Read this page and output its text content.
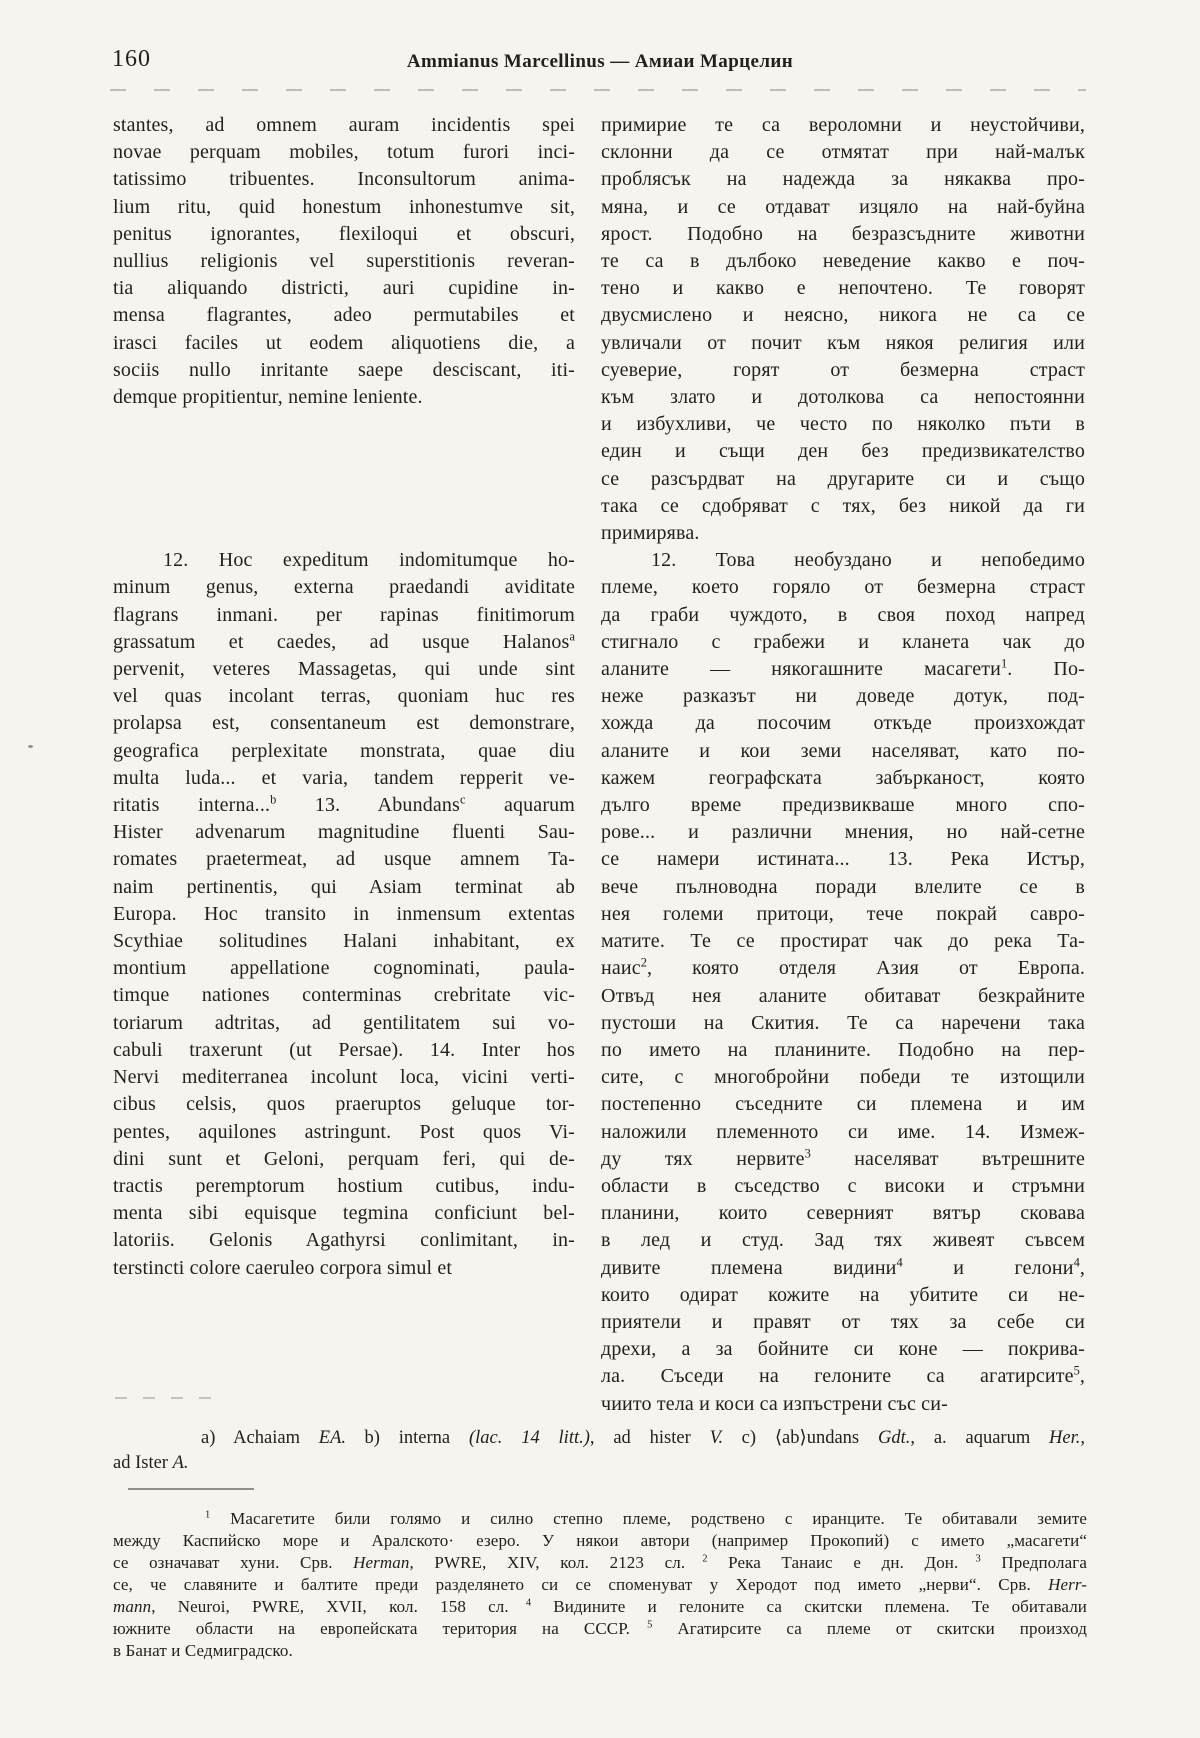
160	Ammianus Marcellinus — Амиаи Марцелин
stantes, ad omnem auram incidentis spei
novae perquam mobiles, totum furori inci-
tatissimo tribuentes. Inconsultorum anima-
lium ritu, quid honestum inhonestumve sit,
penitus ignorantes, flexiloqui et obscuri,
nullius religionis vel superstitionis reveran-
tia aliquando districti, auri cupidine in-
mensa flagrantes, adeo permutabiles et
irasci faciles ut eodem aliquotiens die, a
sociis nullo inritante saepe desciscant, iti-
demque propitientur, nemine leniente.
12. Hoc expeditum indomitumque ho-
minum genus, externa praedandi aviditate
flagrans inmani. per rapinas finitimorum
grassatum et caedes, ad usque Halanos$^a$
pervenit, veteres Massagetas, qui unde sint
vel quas incolant terras, quoniam huc res
prolapsa est, consentaneum est demonstrare,
geografica perplexitate monstrata, quae diu
multa luda... et varia, tandem repperit ve-
ritatis interna...$^b$ 13. Abundans$^c$ aquarum
Hister advenarum magnitudine fluenti Sau-
romates praetermeat, ad usque amnem Ta-
naim pertinentis, qui Asiam terminat ab
Europa. Hoc transito in inmensum extentas
Scythiae solitudines Halani inhabitant, ex
montium appellatione cognominati, paula-
timque nationes conterminas crebritate vic-
toriarum adtritas, ad gentilitatem sui vo-
cabuli traxerunt (ut Persae). 14. Inter hos
Nervi mediterranea incolunt loca, vicini verti-
cibus celsis, quos praeruptos geluque tor-
pentes, aquilones astringunt. Post quos Vi-
dini sunt et Geloni, perquam feri, qui de-
tractis peremptorum hostium cutibus, indu-
menta sibi equisque tegmina conficiunt bel-
latoriis. Gelonis Agathyrsi conlimitant, in-
terstincti colore caeruleo corpora simul et
примирие те са вероломни и неустойчиви,
склонни да се отмятат при най-малък
проблясък на надежда за някаква про-
мяна, и се отдават изцяло на най-буйна
ярост. Подобно на безразсъдните животни
те са в дълбоко неведение какво е поч-
тено и какво е непочтено. Те говорят
двусмислено и неясно, никога не са се
увличали от почит към някоя религия или
суеверие, горят от безмерна страст
към злато и дотолкова са непостоянни
и избухливи, че често по няколко пъти в
един и същи ден без предизвикателство
се разсърдват на другарите си и също
така се сдобряват с тях, без никой да ги
примирява.
12. Това необуздано и непобедимо
племе, което горяло от безмерна страст
да граби чуждото, в своя поход напред
стигнало с грабежи и кланета чак до
аланите — някогашните масагети$^1$. По-
неже разказът ни доведе дотук, под-
хожда да посочим откъде произхождат
аланите и кои земи населяват, като по-
кажем географската забърканост, която
дълго време предизвикваше много спо-
рове... и различни мнения, но най-сетне
се намери истината... 13. Река Истър,
вече пълноводна поради влелите се в
нея големи притоци, тече покрай савро-
матите. Те се простират чак до река Та-
наис$^2$, която отделя Азия от Европа.
Отвъд нея аланите обитават безкрайните
пустоши на Скития. Те са наречени така
по името на планините. Подобно на пер-
сите, с многобройни победи те изтощили
постепенно съседните си племена и им
наложили племенното си име. 14. Измеж-
ду тях нервите$^3$ населяват вътрешните
области в съседство с високи и стръмни
планини, които северният вятър сковава
в лед и студ. Зад тях живеят съвсем
дивите племена видини$^4$ и гелони$^4$,
които одират кожите на убитите си не-
приятели и правят от тях за себе си
дрехи, а за бойните си коне — покрива-
ла. Съседи на гелоните са агатирсите$^5$,
чиито тела и коси са изпъстрени със си-
a) Achaiam EA.  b) interna (lac. 14 litt.), ad hister V.  c) ⟨ab⟩undans Gdt., a. aquarum Her.,
ad Ister A.
$^1$ Масагетите били голямо и силно степно племе, родствено с иранците. Те обитавали земите
между Каспийско море и Аралското· езеро. У някои автори (например Прокопий) с името „масагети“
се означават хуни. Срв. Herman, PWRE, XIV, кол. 2123 сл.  $^2$ Река Танаис е дн. Дон.  $^3$ Предполага
се, че славяните и балтите преди разделянето си се споменуват у Херодот под името „нерви“. Срв. Herr-
mann, Neuroi, PWRE, XVII, кол. 158 сл.  $^4$ Видините и гелоните са скитски племена. Те обитавали
южните области на европейската територия на СССР.  $^5$ Агатирсите са племе от скитски произход
в Банат и Седмиградско.
